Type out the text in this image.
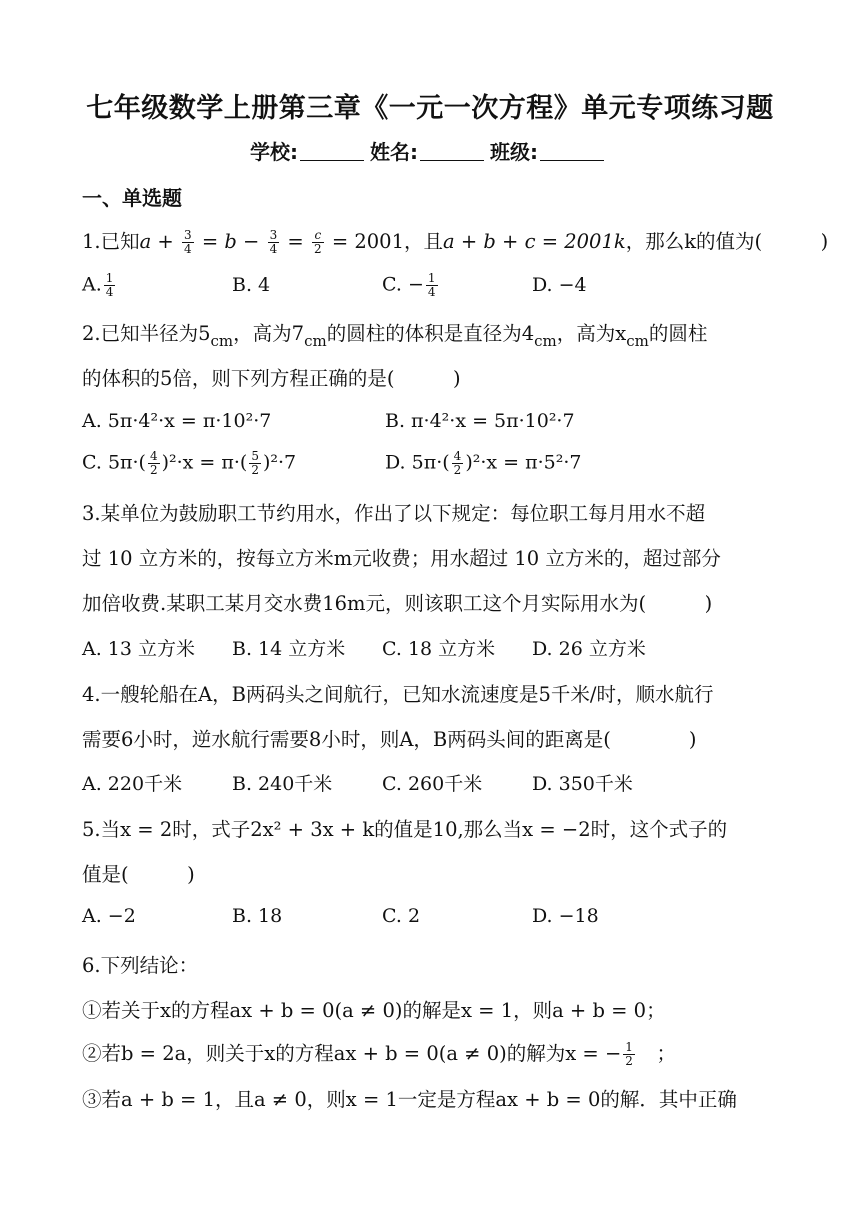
七年级数学上册第三章《一元一次方程》单元专项练习题
学校:	姓名:	班级:
一、单选题
1.已知$a + \frac{3}{4} = b - \frac{3}{4} = \frac{c}{2} = 2001$，且a + b + c = 2001k，那么k的值为(　　　)
A. $\frac{1}{4}$	B. 4	C. − $\frac{1}{4}$	D. −4
2.已知半径为$5_{cm}$，高为$7_{cm}$的圆柱的体积是直径为$4_{cm}$，高为$x_{cm}$的圆柱
的体积的5倍，则下列方程正确的是(　　　)
A. 5π·4²·x = π·10²·7	B. π·4²·x = 5π·10²·7
C. $5\pi\cdot( \frac{4}{2} )^2\cdot x = \pi\cdot( \frac{5}{2} )^2\cdot 7$	D. $5\pi\cdot( \frac{4}{2} )^2\cdot x = \pi\cdot 5^2\cdot 7$
3.某单位为鼓励职工节约用水，作出了以下规定：每位职工每月用水不超
过 10 立方米的，按每立方米m元收费；用水超过 10 立方米的，超过部分
加倍收费.某职工某月交水费16m元，则该职工这个月实际用水为(　　　)
A. 13 立方米 B. 14 立方米 C. 18 立方米 D. 26 立方米
4.一艘轮船在A，B两码头之间航行，已知水流速度是5千米/时，顺水航行
需要6小时，逆水航行需要8小时，则A，B两码头间的距离是(　　　　)
A. 220千米	B. 240千米	C. 260千米	D. 350千米
5.当x = 2时，式子2x² + 3x + k的值是10,那么当x = −2时，这个式子的
值是(　　　)
A. −2	B. 18	C. 2	D. −18
6.下列结论：
①若关于x的方程ax + b = 0(a ≠ 0)的解是x = 1，则a + b = 0；
②若b = 2a，则关于x的方程ax + b = 0(a ≠ 0)的解为x = − $\frac{1}{2}$ 　；
③若a + b = 1，且a ≠ 0，则x = 1一定是方程ax + b = 0的解．其中正确
